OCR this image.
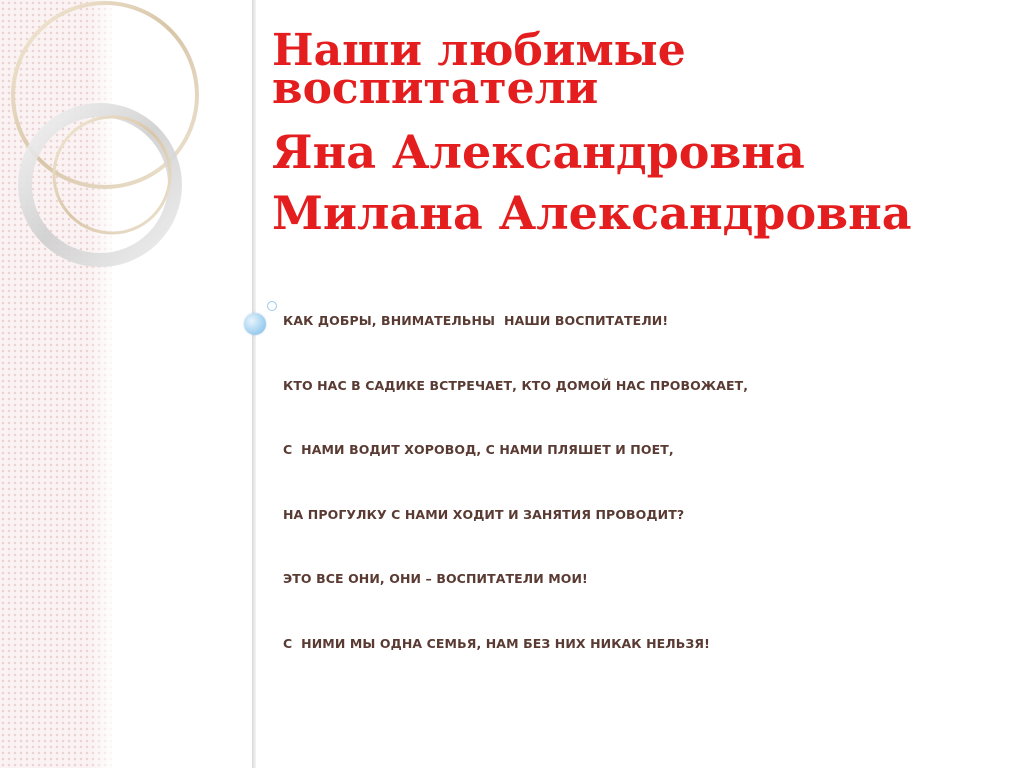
Наши любимые
воспитатели
Яна Александровна
Милана Александровна
КАК ДОБРЫ, ВНИМАТЕЛЬНЫ  НАШИ ВОСПИТАТЕЛИ!
КТО НАС В САДИКЕ ВСТРЕЧАЕТ, КТО ДОМОЙ НАС ПРОВОЖАЕТ,
С  НАМИ ВОДИТ ХОРОВОД, С НАМИ ПЛЯШЕТ И ПОЕТ,
НА ПРОГУЛКУ С НАМИ ХОДИТ И ЗАНЯТИЯ ПРОВОДИТ?
ЭТО ВСЕ ОНИ, ОНИ – ВОСПИТАТЕЛИ МОИ!
С  НИМИ МЫ ОДНА СЕМЬЯ, НАМ БЕЗ НИХ НИКАК НЕЛЬЗЯ!
